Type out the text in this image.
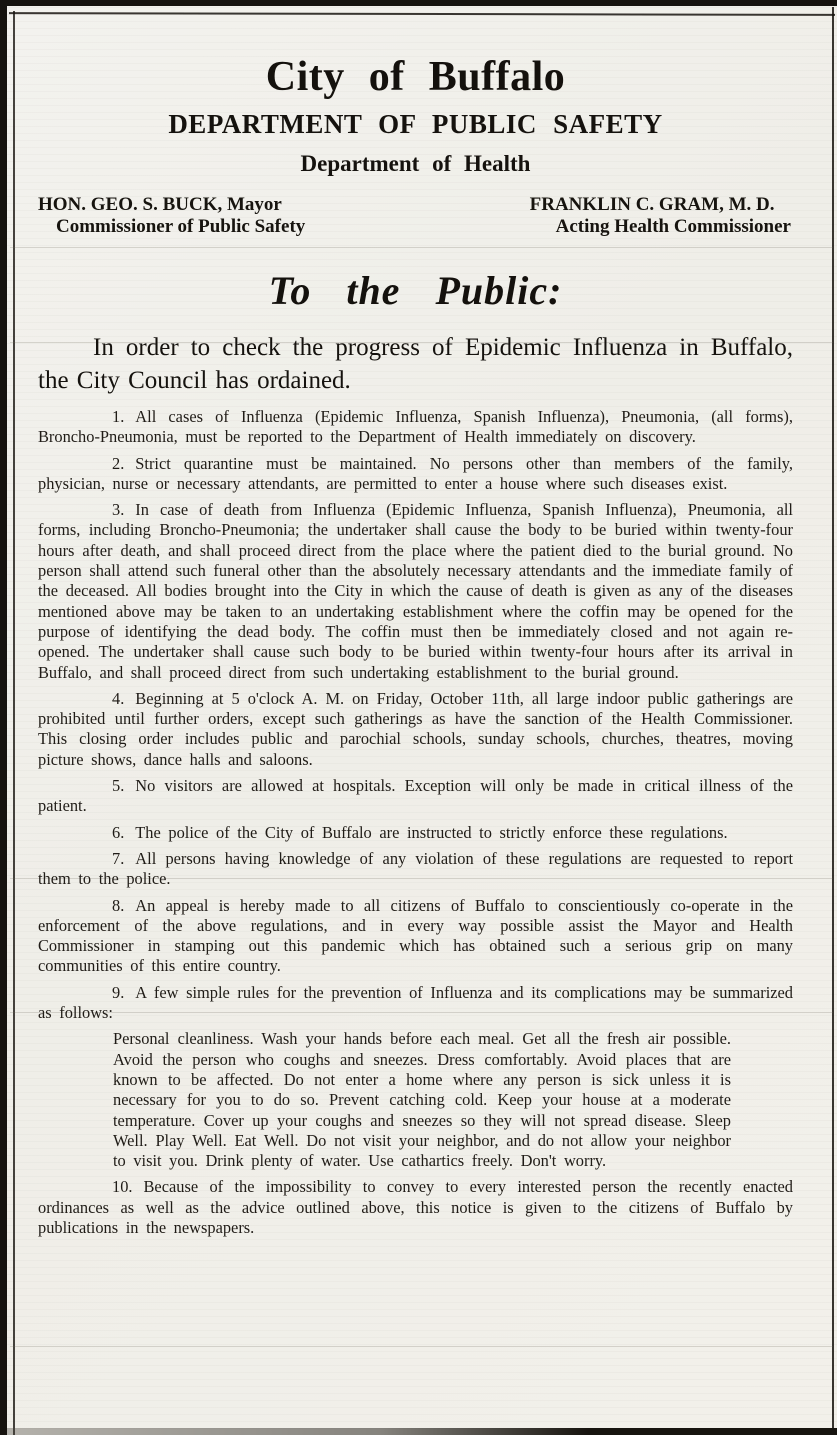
City of Buffalo
DEPARTMENT OF PUBLIC SAFETY
Department of Health
HON. GEO. S. BUCK, Mayor
Commissioner of Public Safety
FRANKLIN C. GRAM, M. D.
Acting Health Commissioner
To the Public:

In order to check the progress of Epidemic Influenza in Buffalo, the City Council has ordained.

1. All cases of Influenza (Epidemic Influenza, Spanish Influenza), Pneumonia, (all forms), Broncho-Pneumonia, must be reported to the Department of Health immediately on discovery.

2. Strict quarantine must be maintained. No persons other than members of the family, physician, nurse or necessary attendants, are permitted to enter a house where such diseases exist.

3. In case of death from Influenza (Epidemic Influenza, Spanish Influenza), Pneumonia, all forms, including Broncho-Pneumonia; the undertaker shall cause the body to be buried within twenty-four hours after death, and shall proceed direct from the place where the patient died to the burial ground. No person shall attend such funeral other than the absolutely necessary attendants and the immediate family of the deceased. All bodies brought into the City in which the cause of death is given as any of the diseases mentioned above may be taken to an undertaking establishment where the coffin may be opened for the purpose of identifying the dead body. The coffin must then be immediately closed and not again re-opened. The undertaker shall cause such body to be buried within twenty-four hours after its arrival in Buffalo, and shall proceed direct from such undertaking establishment to the burial ground.

4. Beginning at 5 o'clock A. M. on Friday, October 11th, all large indoor public gatherings are prohibited until further orders, except such gatherings as have the sanction of the Health Commissioner. This closing order includes public and parochial schools, sunday schools, churches, theatres, moving picture shows, dance halls and saloons.

5. No visitors are allowed at hospitals. Exception will only be made in critical illness of the patient.

6. The police of the City of Buffalo are instructed to strictly enforce these regulations.

7. All persons having knowledge of any violation of these regulations are requested to report them to the police.

8. An appeal is hereby made to all citizens of Buffalo to conscientiously co-operate in the enforcement of the above regulations, and in every way possible assist the Mayor and Health Commissioner in stamping out this pandemic which has obtained such a serious grip on many communities of this entire country.

9. A few simple rules for the prevention of Influenza and its complications may be summarized as follows:

Personal cleanliness. Wash your hands before each meal. Get all the fresh air possible. Avoid the person who coughs and sneezes. Dress comfortably. Avoid places that are known to be affected. Do not enter a home where any person is sick unless it is necessary for you to do so. Prevent catching cold. Keep your house at a moderate temperature. Cover up your coughs and sneezes so they will not spread disease. Sleep Well. Play Well. Eat Well. Do not visit your neighbor, and do not allow your neighbor to visit you. Drink plenty of water. Use cathartics freely. Don't worry.

10. Because of the impossibility to convey to every interested person the recently enacted ordinances as well as the advice outlined above, this notice is given to the citizens of Buffalo by publications in the newspapers.
